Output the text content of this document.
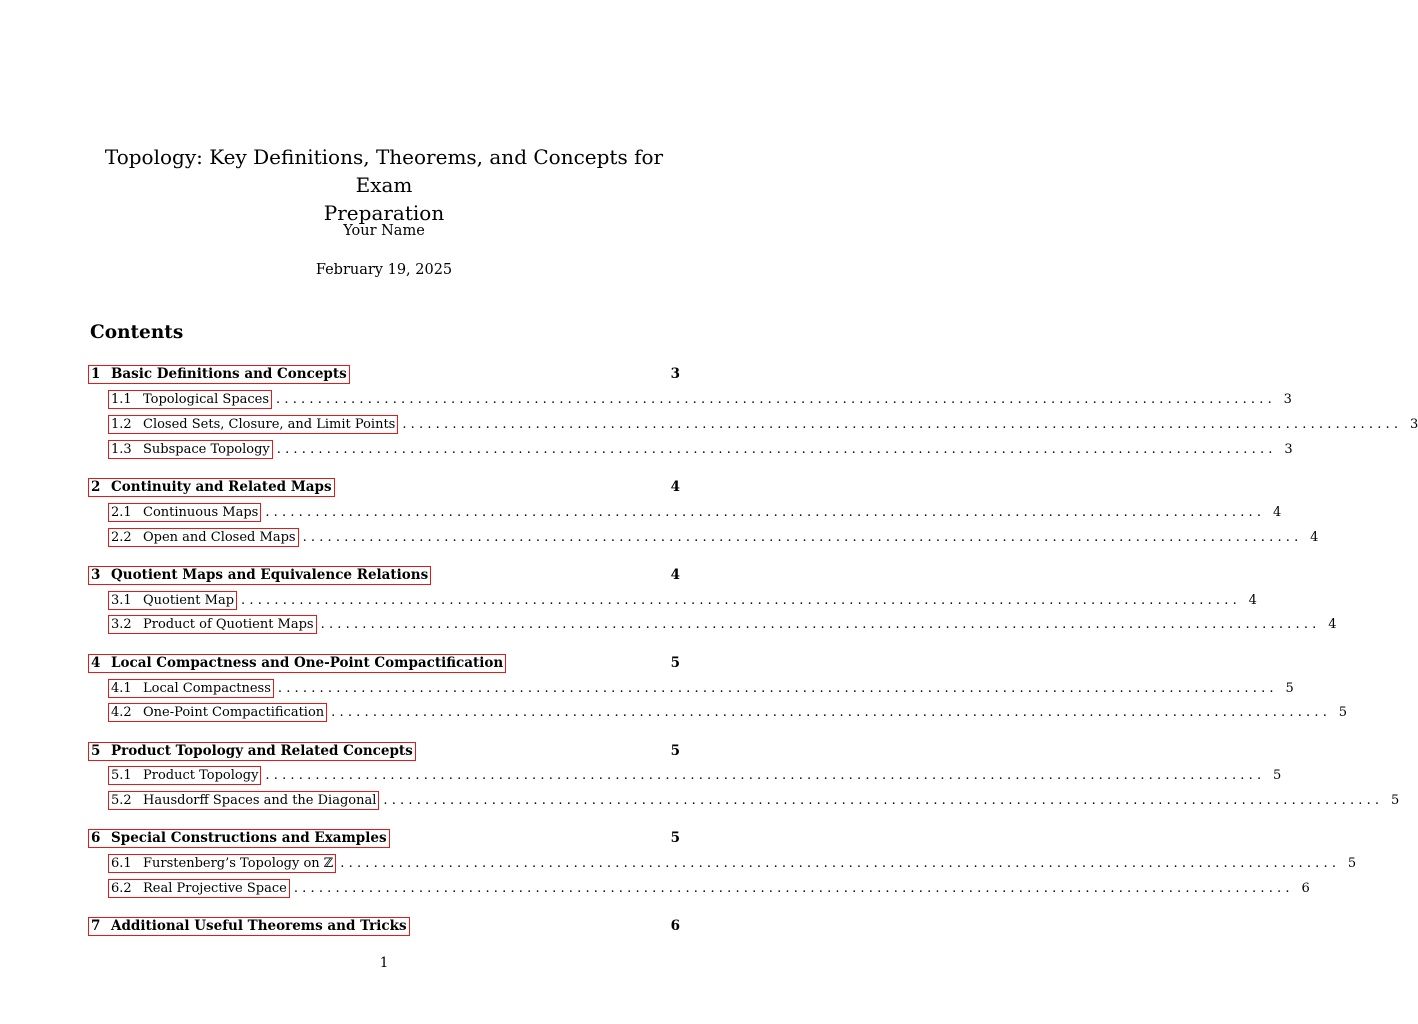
Topology: Key Definitions, Theorems, and Concepts for Exam
Preparation
Your Name
February 19, 2025
Contents
1 Basic Definitions and Concepts	3
1.1 Topological Spaces ........................................................................................................................ 3
1.2 Closed Sets, Closure, and Limit Points ........................................................................................................................ 3
1.3 Subspace Topology ........................................................................................................................ 3
2 Continuity and Related Maps	4
2.1 Continuous Maps ........................................................................................................................ 4
2.2 Open and Closed Maps ........................................................................................................................ 4
3 Quotient Maps and Equivalence Relations	4
3.1 Quotient Map ........................................................................................................................ 4
3.2 Product of Quotient Maps ........................................................................................................................ 4
4 Local Compactness and One-Point Compactification	5
4.1 Local Compactness ........................................................................................................................ 5
4.2 One-Point Compactification ........................................................................................................................ 5
5 Product Topology and Related Concepts	5
5.1 Product Topology ........................................................................................................................ 5
5.2 Hausdorff Spaces and the Diagonal ........................................................................................................................ 5
6 Special Constructions and Examples	5
6.1 Furstenberg’s Topology on ℤ ........................................................................................................................ 5
6.2 Real Projective Space ........................................................................................................................ 6
7 Additional Useful Theorems and Tricks	6
1
